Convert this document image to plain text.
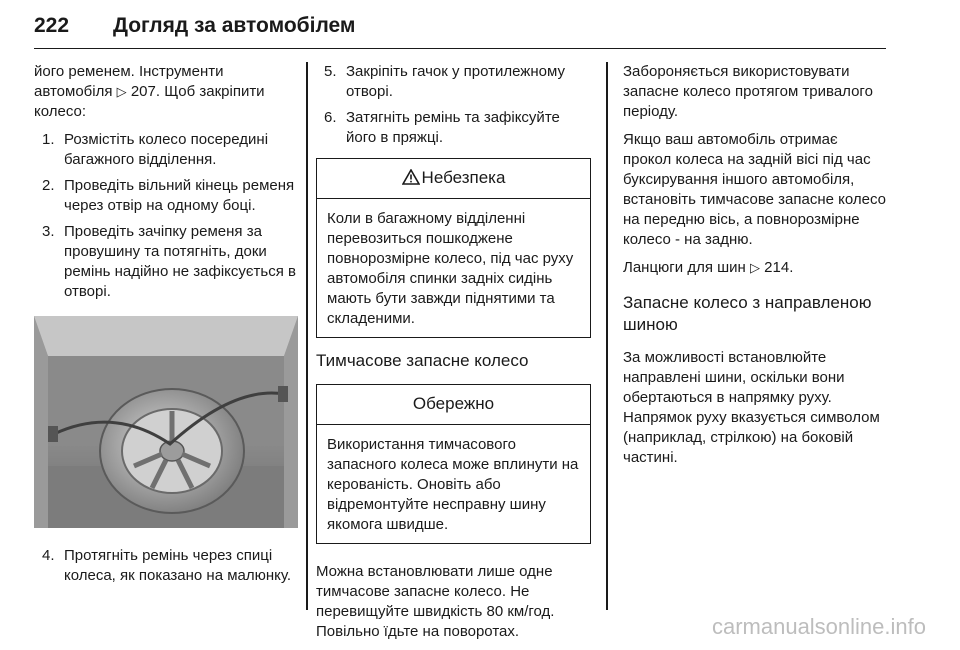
222 Догляд за автомобілем

його ременем. Інструменти автомобіля ▷ 207. Щоб закріпити колесо:

1. Розмістіть колесо посередині багажного відділення.
2. Проведіть вільний кінець ременя через отвір на одному боці.
3. Проведіть зачіпку ременя за провушину та потягніть, доки ремінь надійно не зафіксується в отворі.
4. Протягніть ремінь через спиці колеса, як показано на малюнку.
5. Закріпіть гачок у протилежному отворі.
6. Затягніть ремінь та зафіксуйте його в пряжці.
Небезпека
Коли в багажному відділенні перевозиться пошкоджене повнорозмірне колесо, під час руху автомобіля спинки задніх сидінь мають бути завжди піднятими та складеними.
Тимчасове запасне колесо
Обережно
Використання тимчасового запасного колеса може вплинути на керованість. Оновіть або відремонтуйте несправну шину якомога швидше.

Можна встановлювати лише одне тимчасове запасне колесо. Не перевищуйте швидкість 80 км/год. Повільно їдьте на поворотах.

Забороняється використовувати запасне колесо протягом тривалого періоду.

Якщо ваш автомобіль отримає прокол колеса на задній вісі під час буксирування іншого автомобіля, встановіть тимчасове запасне колесо на передню вісь, а повнорозмірне колесо - на задню.

Ланцюги для шин ▷ 214.

Запасне колесо з направленою шиною

За можливості встановлюйте направлені шини, оскільки вони обертаються в напрямку руху. Напрямок руху вказується символом (наприклад, стрілкою) на боковій частині.

carmanualsonline.info
